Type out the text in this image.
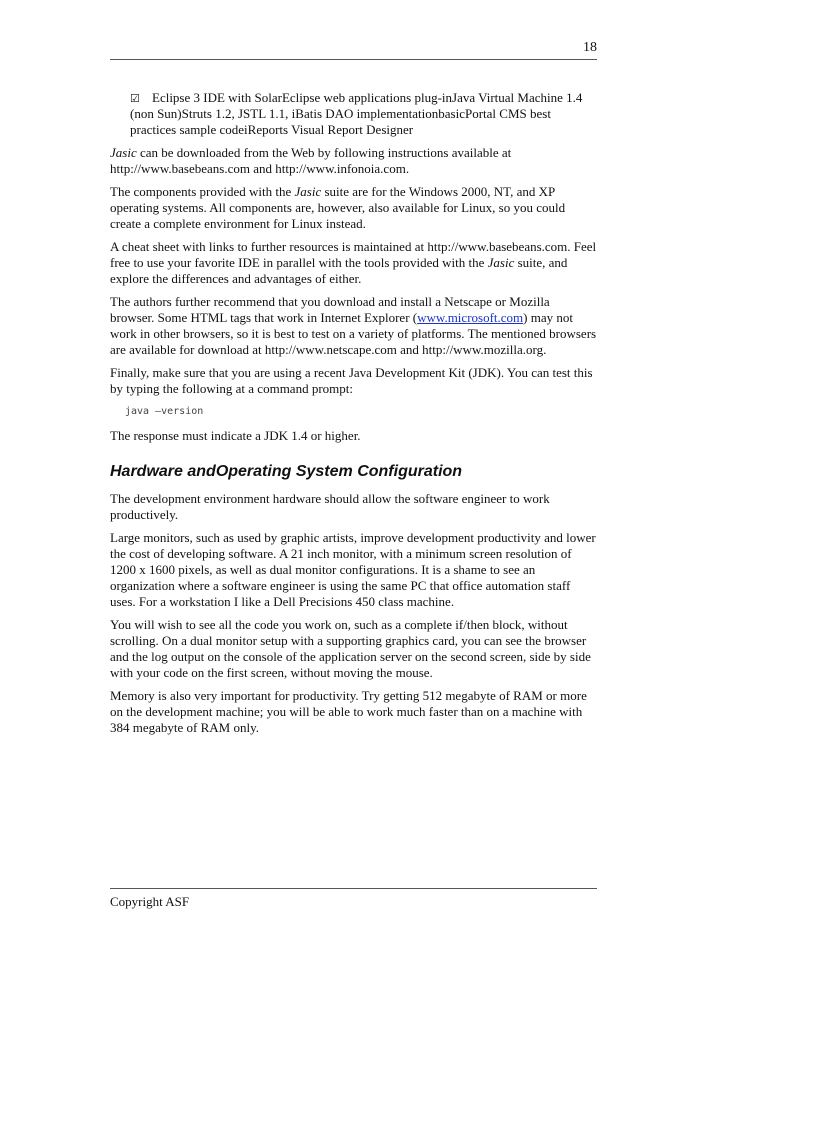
18
☑ Eclipse 3 IDE with SolarEclipse web applications plug-inJava Virtual Machine 1.4 (non Sun)Struts 1.2, JSTL 1.1, iBatis DAO implementationbasicPortal CMS best practices sample codeiReports Visual Report Designer

Jasic can be downloaded from the Web by following instructions available at http://www.basebeans.com and http://www.infonoia.com.

The components provided with the Jasic suite are for the Windows 2000, NT, and XP operating systems. All components are, however, also available for Linux, so you could create a complete environment for Linux instead.

A cheat sheet with links to further resources is maintained at http://www.basebeans.com. Feel free to use your favorite IDE in parallel with the tools provided with the Jasic suite, and explore the differences and advantages of either.

The authors further recommend that you download and install a Netscape or Mozilla browser. Some HTML tags that work in Internet Explorer (www.microsoft.com) may not work in other browsers, so it is best to test on a variety of platforms. The mentioned browsers are available for download at http://www.netscape.com and http://www.mozilla.org.

Finally, make sure that you are using a recent Java Development Kit (JDK). You can test this by typing the following at a command prompt:

java –version

The response must indicate a JDK 1.4 or higher.

Hardware andOperating System Configuration

The development environment hardware should allow the software engineer to work productively.

Large monitors, such as used by graphic artists, improve development productivity and lower the cost of developing software. A 21 inch monitor, with a minimum screen resolution of 1200 x 1600 pixels, as well as dual monitor configurations. It is a shame to see an organization where a software engineer is using the same PC that office automation staff uses. For a workstation I like a Dell Precisions 450 class machine.

You will wish to see all the code you work on, such as a complete if/then block, without scrolling. On a dual monitor setup with a supporting graphics card, you can see the browser and the log output on the console of the application server on the second screen, side by side with your code on the first screen, without moving the mouse.

Memory is also very important for productivity. Try getting 512 megabyte of RAM or more on the development machine; you will be able to work much faster than on a machine with 384 megabyte of RAM only.

Copyright ASF
